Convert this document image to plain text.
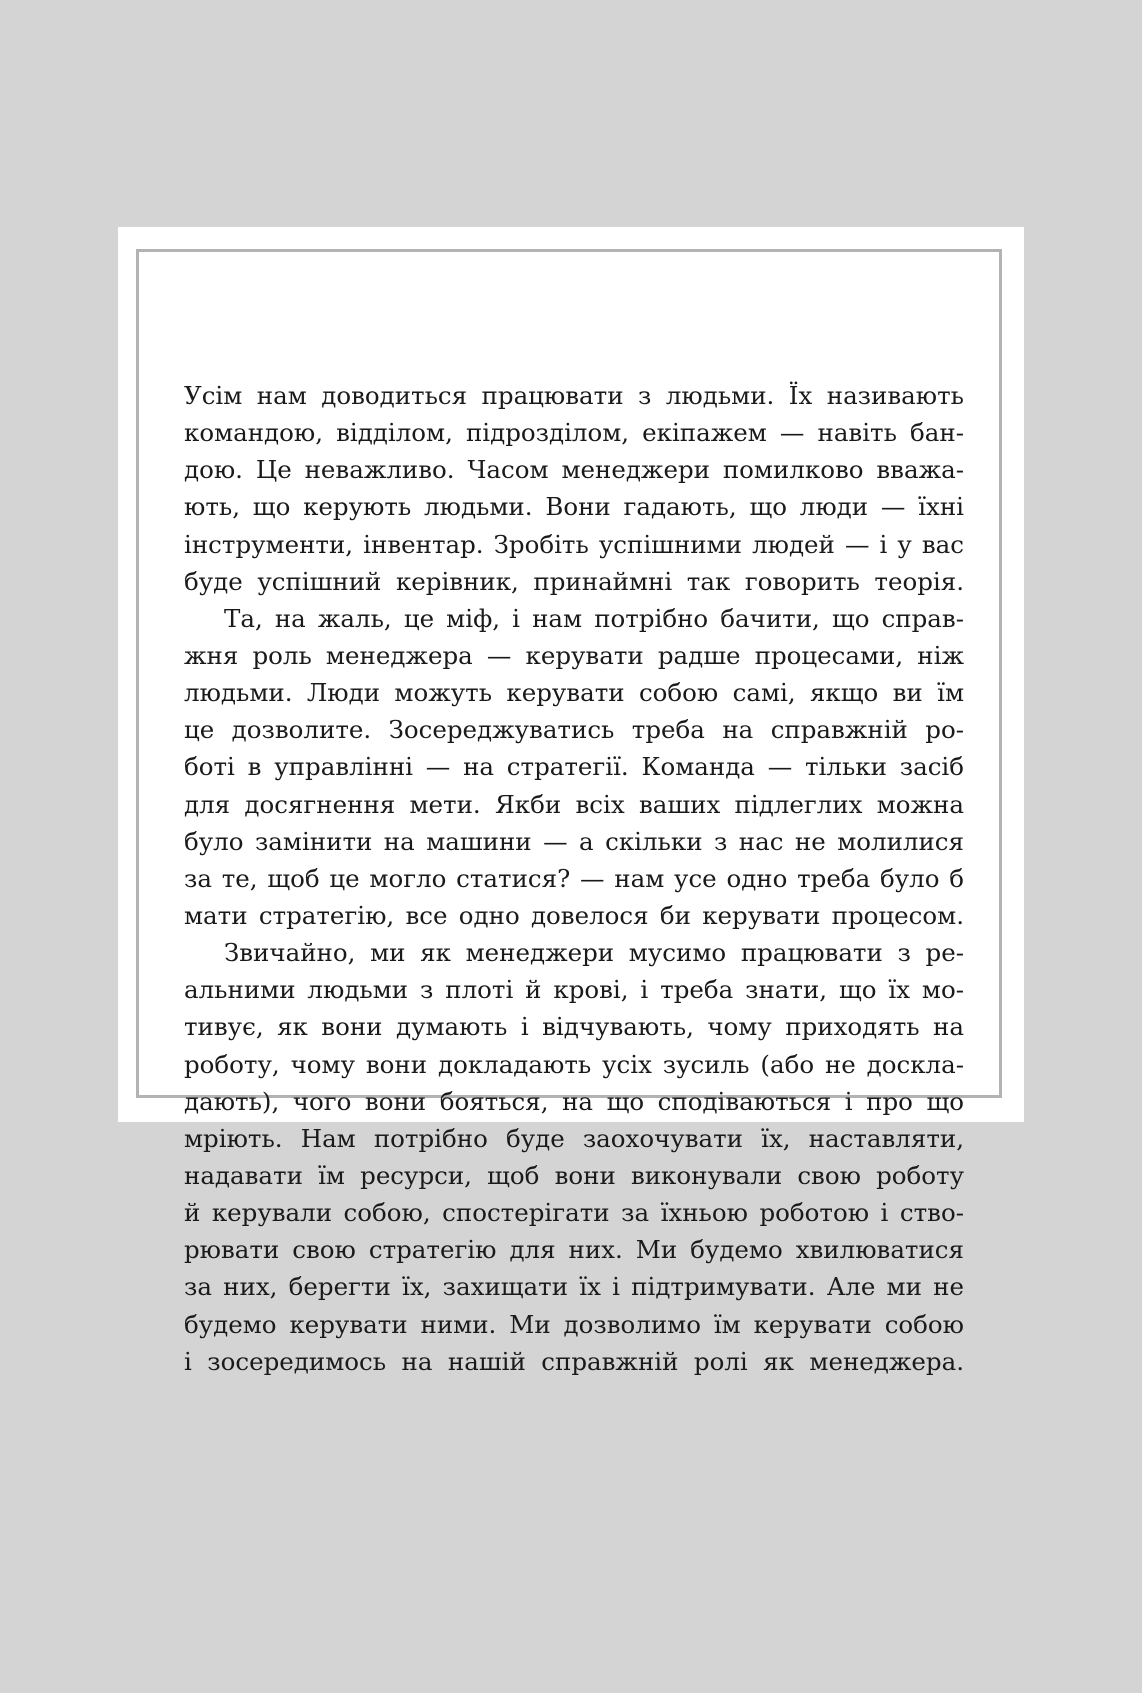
Усім нам доводиться працювати з людьми. Їх називають
командою, відділом, підрозділом, екіпажем — навіть бан-
дою. Це неважливо. Часом менеджери помилково вважа-
ють, що керують людьми. Вони гадають, що люди — їхні
інструменти, інвентар. Зробіть успішними людей — і у вас
буде успішний керівник, принаймні так говорить теорія.
Та, на жаль, це міф, і нам потрібно бачити, що справ-
жня роль менеджера — керувати радше процесами, ніж
людьми. Люди можуть керувати собою самі, якщо ви їм
це дозволите. Зосереджуватись треба на справжній ро-
боті в управлінні — на стратегії. Команда — тільки засіб
для досягнення мети. Якби всіх ваших підлеглих можна
було замінити на машини — а скільки з нас не молилися
за те, щоб це могло статися? — нам усе одно треба було б
мати стратегію, все одно довелося би керувати процесом.
Звичайно, ми як менеджери мусимо працювати з ре-
альними людьми з плоті й крові, і треба знати, що їх мо-
тивує, як вони думають і відчувають, чому приходять на
роботу, чому вони докладають усіх зусиль (або не доскла-
дають), чого вони бояться, на що сподіваються і про що
мріють. Нам потрібно буде заохочувати їх, наставляти,
надавати їм ресурси, щоб вони виконували свою роботу
й керували собою, спостерігати за їхньою роботою і ство-
рювати свою стратегію для них. Ми будемо хвилюватися
за них, берегти їх, захищати їх і підтримувати. Але ми не
будемо керувати ними. Ми дозволимо їм керувати собою
і зосередимось на нашій справжній ролі як менеджера.
